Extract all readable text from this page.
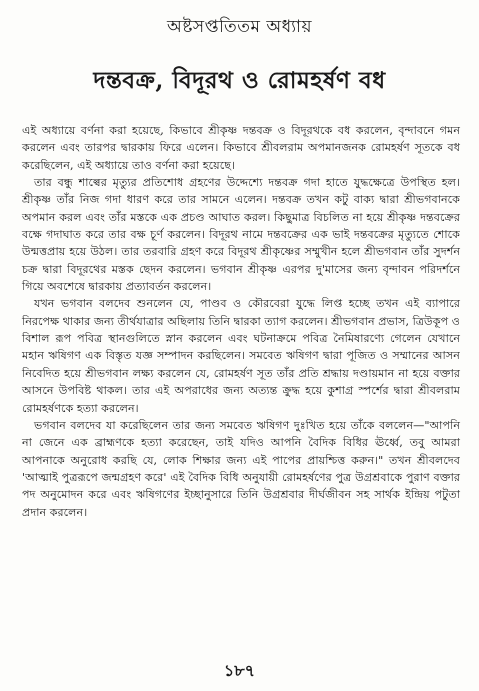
অষ্টসপ্ততিতম অধ্যায়
দন্তবক্র, বিদূরথ ও রোমহর্ষণ বধ

এই অধ্যায়ে বর্ণনা করা হয়েছে, কিভাবে শ্রীকৃষ্ণ দন্তবক্র ও বিদূরথকে বধ করলেন, বৃন্দাবনে গমন করলেন এবং তারপর দ্বারকায় ফিরে এলেন। কিভাবে শ্রীবলরাম অপমানজনক রোমহর্ষণ সূতকে বধ করেছিলেন, এই অধ্যায়ে তাও বর্ণনা করা হয়েছে।

তার বন্ধু শাল্বের মৃত্যুর প্রতিশোধ গ্রহণের উদ্দেশ্যে দন্তবক্র গদা হাতে যুদ্ধক্ষেত্রে উপস্থিত হল। শ্রীকৃষ্ণ তাঁর নিজ গদা ধারণ করে তার সামনে এলেন। দন্তবক্র তখন কটু বাক্য দ্বারা শ্রীভগবানকে অপমান করল এবং তাঁর মস্তকে এক প্রচণ্ড আঘাত করল। কিছুমাত্র বিচলিত না হয়ে শ্রীকৃষ্ণ দন্তবক্রের বক্ষে গদাঘাত করে তার বক্ষ চূর্ণ করলেন। বিদূরথ নামে দন্তবক্রের এক ভাই দন্তবক্রের মৃত্যুতে শোকে উন্মত্তপ্রায় হয়ে উঠল। তার তরবারি গ্রহণ করে বিদূরথ শ্রীকৃষ্ণের সম্মুখীন হলে শ্রীভগবান তাঁর সুদর্শন চক্র দ্বারা বিদূরথের মস্তক ছেদন করলেন। ভগবান শ্রীকৃষ্ণ এরপর দু'মাসের জন্য বৃন্দাবন পরিদর্শনে গিয়ে অবশেষে দ্বারকায় প্রত্যাবর্তন করলেন।

যখন ভগবান বলদেব শুনলেন যে, পাণ্ডব ও কৌরবেরা যুদ্ধে লিপ্ত হচ্ছে তখন এই ব্যাপারে নিরপেক্ষ থাকার জন্য তীর্থযাত্রার অছিলায় তিনি দ্বারকা ত্যাগ করলেন। শ্রীভগবান প্রভাস, ত্রিউকূপ ও বিশাল রূপ পবিত্র স্থানগুলিতে স্নান করলেন এবং ঘটনাক্রমে পবিত্র নৈমিষারণ্যে গেলেন যেখানে মহান ঋষিগণ এক বিস্তৃত যজ্ঞ সম্পাদন করছিলেন। সমবেত ঋষিগণ দ্বারা পূজিত ও সম্মানের আসন নিবেদিত হয়ে শ্রীভগবান লক্ষ্য করলেন যে, রোমহর্ষণ সূত তাঁর প্রতি শ্রদ্ধায় দণ্ডায়মান না হয়ে বক্তার আসনে উপবিষ্ট থাকল। তার এই অপরাধের জন্য অত্যন্ত ক্রুদ্ধ হয়ে কুশাগ্র স্পর্শের দ্বারা শ্রীবলরাম রোমহর্ষণকে হত্যা করলেন।

ভগবান বলদেব যা করেছিলেন তার জন্য সমবেত ঋষিগণ দুঃখিত হয়ে তাঁকে বললেন—"আপনি না জেনে এক ব্রাহ্মণকে হত্যা করেছেন, তাই যদিও আপনি বৈদিক বিধির ঊর্ধ্বে, তবু আমরা আপনাকে অনুরোধ করছি যে, লোক শিক্ষার জন্য এই পাপের প্রায়শ্চিত্ত করুন।" তখন শ্রীবলদেব 'আত্মাই পুত্ররূপে জন্মগ্রহণ করে' এই বৈদিক বিধি অনুযায়ী রোমহর্ষণের পুত্র উগ্রশ্রবাকে পুরাণ বক্তার পদ অনুমোদন করে এবং ঋষিগণের ইচ্ছানুসারে তিনি উগ্রশ্রবার দীর্ঘজীবন সহ সার্থক ইন্দ্রিয় পটুতা প্রদান করলেন।

১৮৭
